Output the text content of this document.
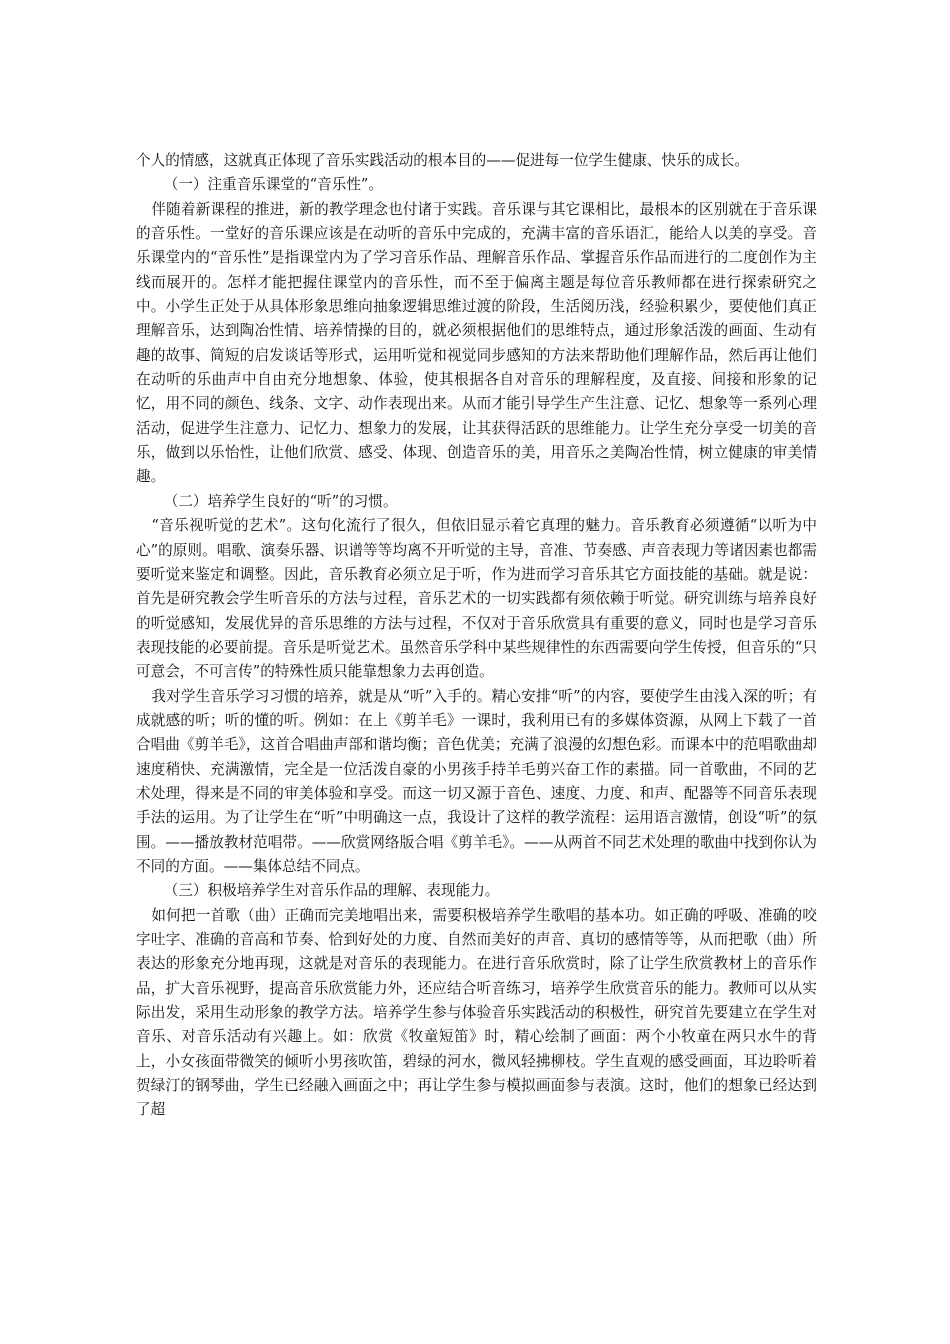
个人的情感，这就真正体现了音乐实践活动的根本目的——促进每一位学生健康、快乐的成长。

（一）注重音乐课堂的“音乐性”。

伴随着新课程的推进，新的教学理念也付诸于实践。音乐课与其它课相比，最根本的区别就在于音乐课的音乐性。一堂好的音乐课应该是在动听的音乐中完成的，充满丰富的音乐语汇，能给人以美的享受。音乐课堂内的“音乐性”是指课堂内为了学习音乐作品、理解音乐作品、掌握音乐作品而进行的二度创作为主线而展开的。怎样才能把握住课堂内的音乐性，而不至于偏离主题是每位音乐教师都在进行探索研究之中。小学生正处于从具体形象思维向抽象逻辑思维过渡的阶段，生活阅历浅，经验积累少，要使他们真正理解音乐，达到陶冶性情、培养情操的目的，就必须根据他们的思维特点，通过形象活泼的画面、生动有趣的故事、简短的启发谈话等形式，运用听觉和视觉同步感知的方法来帮助他们理解作品，然后再让他们在动听的乐曲声中自由充分地想象、体验，使其根据各自对音乐的理解程度，及直接、间接和形象的记忆，用不同的颜色、线条、文字、动作表现出来。从而才能引导学生产生注意、记忆、想象等一系列心理活动，促进学生注意力、记忆力、想象力的发展，让其获得活跃的思维能力。让学生充分享受一切美的音乐，做到以乐怡性，让他们欣赏、感受、体现、创造音乐的美，用音乐之美陶冶性情，树立健康的审美情趣。

（二）培养学生良好的“听”的习惯。

“音乐视听觉的艺术”。这句化流行了很久，但依旧显示着它真理的魅力。音乐教育必须遵循“以听为中心”的原则。唱歌、演奏乐器、识谱等等均离不开听觉的主导，音准、节奏感、声音表现力等诸因素也都需要听觉来鉴定和调整。因此，音乐教育必须立足于听，作为进而学习音乐其它方面技能的基础。就是说：首先是研究教会学生听音乐的方法与过程，音乐艺术的一切实践都有须依赖于听觉。研究训练与培养良好的听觉感知，发展优异的音乐思维的方法与过程，不仅对于音乐欣赏具有重要的意义，同时也是学习音乐表现技能的必要前提。音乐是听觉艺术。虽然音乐学科中某些规律性的东西需要向学生传授，但音乐的“只可意会，不可言传”的特殊性质只能靠想象力去再创造。

我对学生音乐学习习惯的培养，就是从“听”入手的。精心安排“听”的内容，要使学生由浅入深的听；有成就感的听；听的懂的听。例如：在上《剪羊毛》一课时，我利用已有的多媒体资源，从网上下载了一首合唱曲《剪羊毛》，这首合唱曲声部和谐均衡；音色优美；充满了浪漫的幻想色彩。而课本中的范唱歌曲却速度稍快、充满激情，完全是一位活泼自豪的小男孩手持羊毛剪兴奋工作的素描。同一首歌曲，不同的艺术处理，得来是不同的审美体验和享受。而这一切又源于音色、速度、力度、和声、配器等不同音乐表现手法的运用。为了让学生在“听”中明确这一点，我设计了这样的教学流程：运用语言激情，创设“听”的氛围。——播放教材范唱带。——欣赏网络版合唱《剪羊毛》。——从两首不同艺术处理的歌曲中找到你认为不同的方面。——集体总结不同点。

（三）积极培养学生对音乐作品的理解、表现能力。

如何把一首歌（曲）正确而完美地唱出来，需要积极培养学生歌唱的基本功。如正确的呼吸、准确的咬字吐字、准确的音高和节奏、恰到好处的力度、自然而美好的声音、真切的感情等等，从而把歌（曲）所表达的形象充分地再现，这就是对音乐的表现能力。在进行音乐欣赏时，除了让学生欣赏教材上的音乐作品，扩大音乐视野，提高音乐欣赏能力外，还应结合听音练习，培养学生欣赏音乐的能力。教师可以从实际出发，采用生动形象的教学方法。培养学生参与体验音乐实践活动的积极性，研究首先要建立在学生对音乐、对音乐活动有兴趣上。如：欣赏《牧童短笛》时，精心绘制了画面：两个小牧童在两只水牛的背上，小女孩面带微笑的倾听小男孩吹笛，碧绿的河水，微风轻拂柳枝。学生直观的感受画面，耳边聆听着贺绿汀的钢琴曲，学生已经融入画面之中；再让学生参与模拟画面参与表演。这时，他们的想象已经达到了超
